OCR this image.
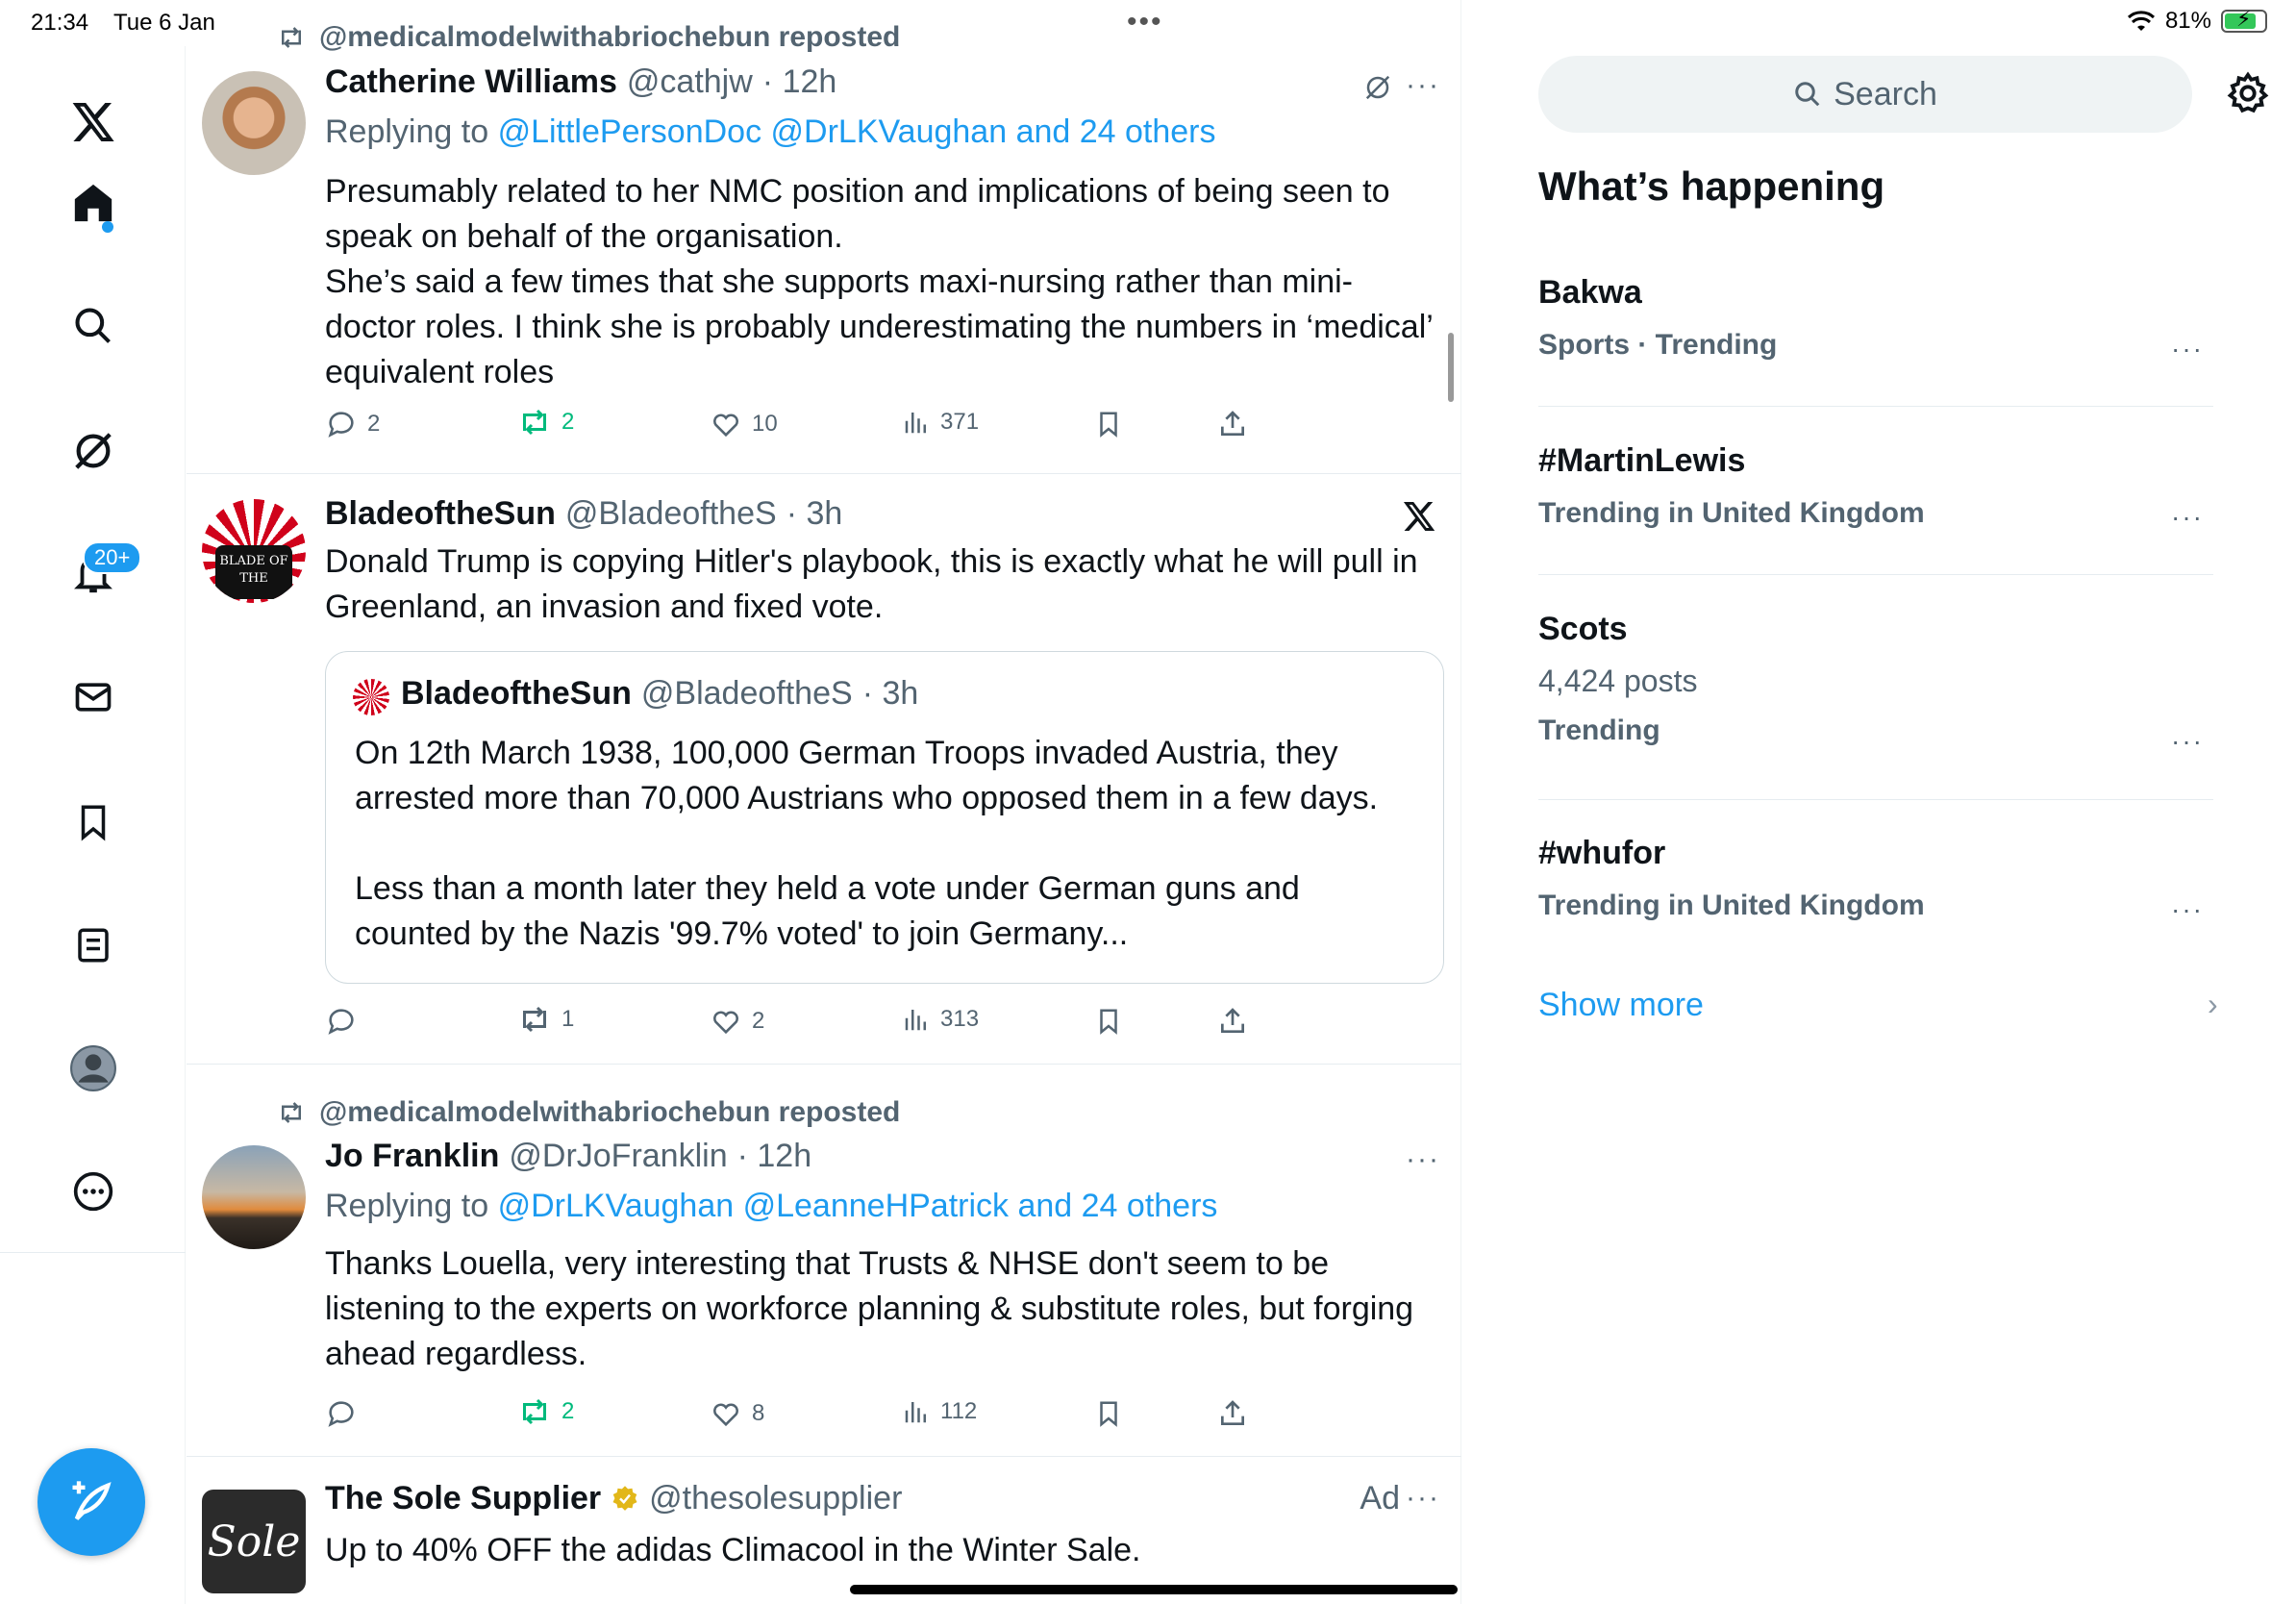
21:34 Tue 6 Jan	•••	81% ⚡
20+
@medicalmodelwithabriochebun reposted
Catherine Williams @cathjw · 12h	···
Replying to @LittlePersonDoc @DrLKVaughan and 24 others
Presumably related to her NMC position and implications of being seen to speak on behalf of the organisation.
She’s said a few times that she supports maxi-nursing rather than mini-doctor roles. I think she is probably underestimating the numbers in ‘medical’ equivalent roles
2	2	10	371
BLADE OF THE
BladeoftheSun @BladeoftheS · 3h
Donald Trump is copying Hitler's playbook, this is exactly what he will pull in Greenland, an invasion and fixed vote.
BladeoftheSun @BladeoftheS · 3h
On 12th March 1938, 100,000 German Troops invaded Austria, they arrested more than 70,000 Austrians who opposed them in a few days.

Less than a month later they held a vote under German guns and counted by the Nazis '99.7% voted' to join Germany...
1	2	313
@medicalmodelwithabriochebun reposted
Jo Franklin @DrJoFranklin · 12h	···
Replying to @DrLKVaughan @LeanneHPatrick and 24 others
Thanks Louella, very interesting that Trusts & NHSE don't seem to be listening to the experts on workforce planning & substitute roles, but forging ahead regardless.
2	8	112
Sole
The Sole Supplier @thesolesupplier	Ad ···
Up to 40% OFF the adidas Climacool in the Winter Sale.
Search
What’s happening
Bakwa
Sports · Trending	···
#MartinLewis
Trending in United Kingdom	···
Scots
4,424 posts
Trending	···
#whufor
Trending in United Kingdom	···
Show more	›
